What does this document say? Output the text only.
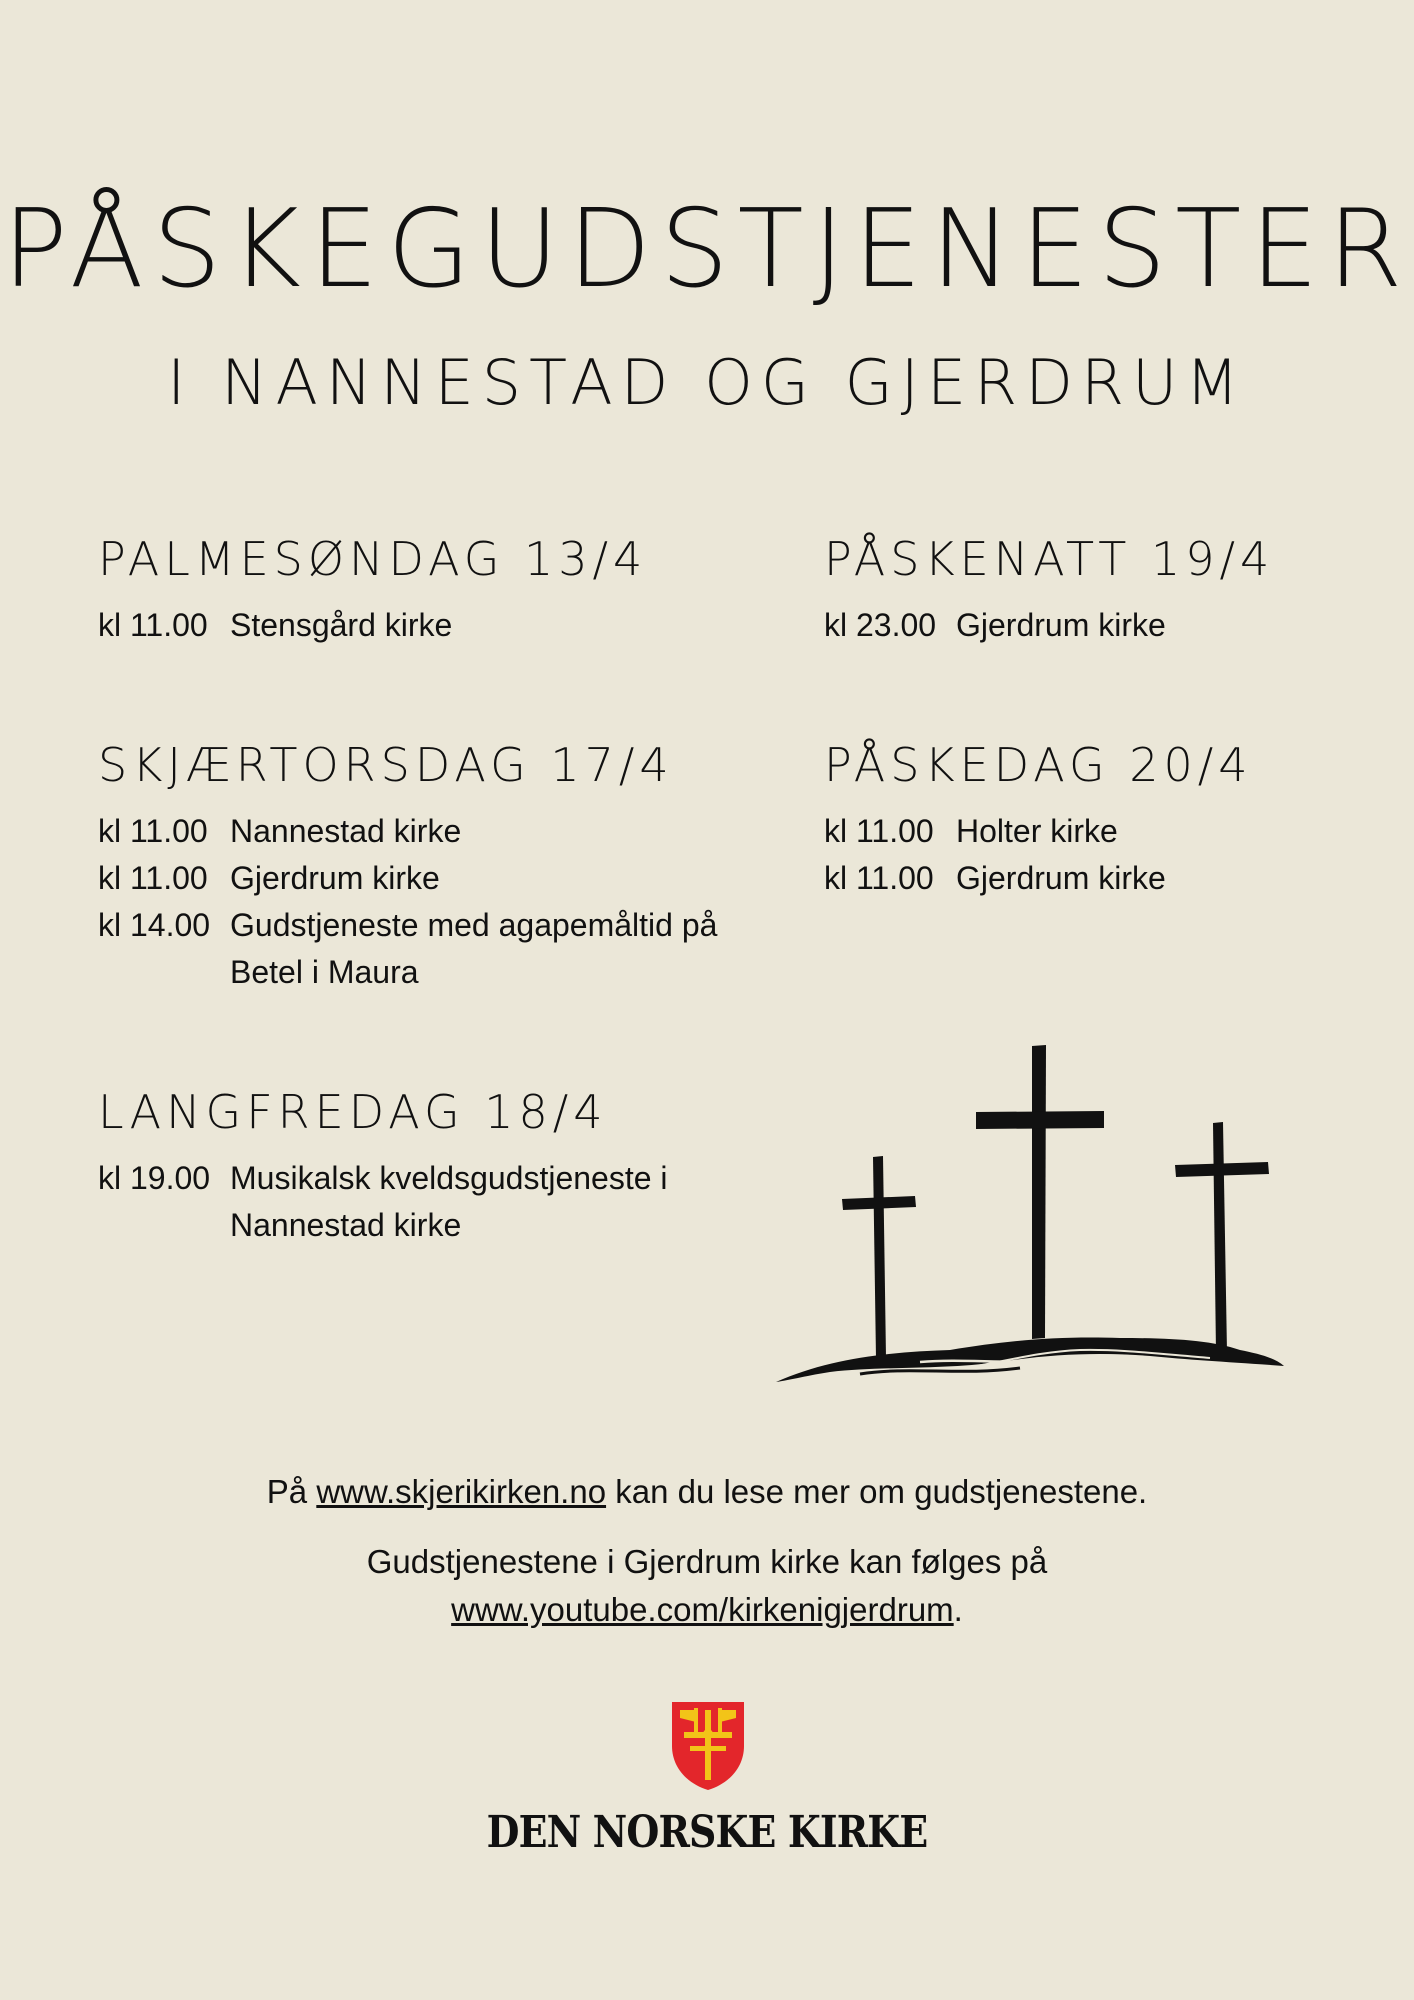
PÅSKEGUDSTJENESTER
I NANNESTAD OG GJERDRUM
PALMESØNDAG 13/4
kl 11.00 Stensgård kirke
PÅSKENATT 19/4
kl 23.00 Gjerdrum kirke
SKJÆRTORSDAG 17/4
kl 11.00 Nannestad kirke
kl 11.00 Gjerdrum kirke
kl 14.00 Gudstjeneste med agapemåltid på Betel i Maura
PÅSKEDAG 20/4
kl 11.00 Holter kirke
kl 11.00 Gjerdrum kirke
LANGFREDAG 18/4
kl 19.00 Musikalsk kveldsgudstjeneste i Nannestad kirke
På www.skjerikirken.no kan du lese mer om gudstjenestene.
Gudstjenestene i Gjerdrum kirke kan følges på
www.youtube.com/kirkenigjerdrum.
DEN NORSKE KIRKE
